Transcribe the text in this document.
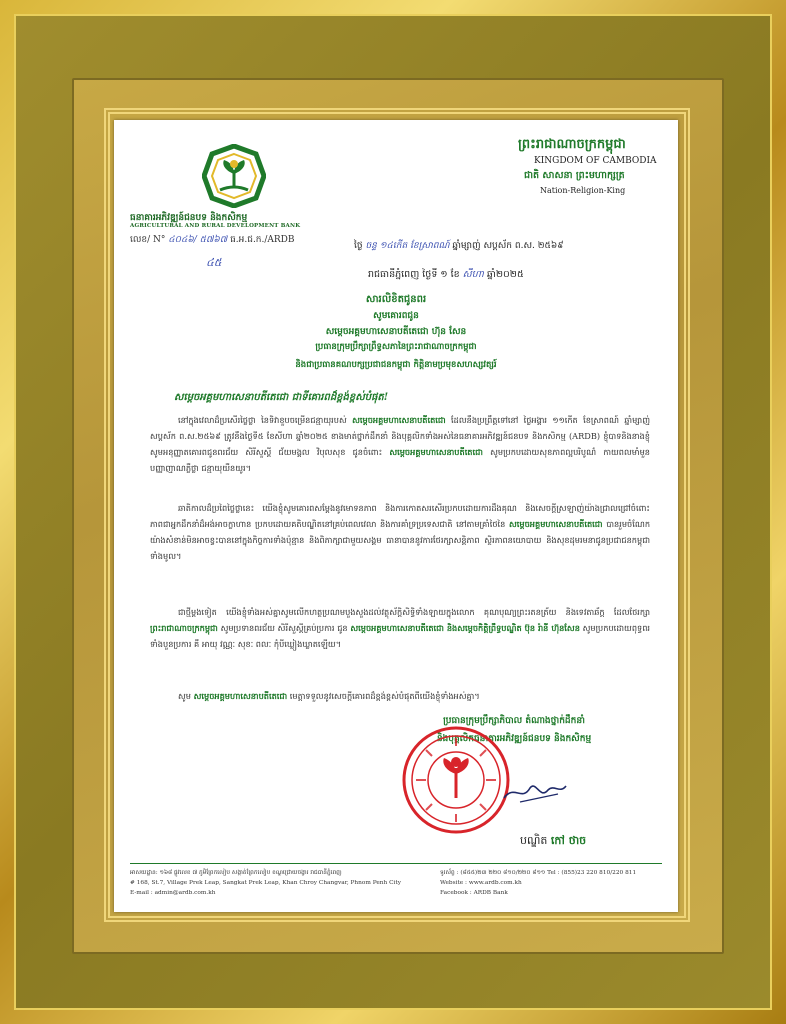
ធនាគារអភិវឌ្ឍន៍ជនបទ និងកសិកម្ម
AGRICULTURAL AND RURAL DEVELOPMENT BANK
លេខ/ N° ៤០៤៦/ ៥៧៦៧ ធ.អ.ជ.ក./ARDB
ព្រះរាជាណាចក្រកម្ពុជា
KINGDOM OF CAMBODIA
ជាតិ សាសនា ព្រះមហាក្សត្រ
Nation-Religion-King
៤៥
ថ្ងៃ ចន្ទ ១៤កើត ខែស្រាពណ៍ ឆ្នាំម្សាញ់ សប្តស័ក ព.ស. ២៥៦៩
រាជធានីភ្នំពេញ ថ្ងៃទី ១ ខែ សីហា ឆ្នាំ២០២៥
សារលិខិតជូនពរ
សូមគោរពជូន
សម្តេចអគ្គមហាសេនាបតីតេជោ ហ៊ុន សែន
ប្រធានក្រុមប្រឹក្សាព្រឹទ្ធសភានៃព្រះរាជាណាចក្រកម្ពុជា
និងជាប្រធានគណបក្សប្រជាជនកម្ពុជា កិត្តិនាមប្រមុខសហស្សវត្សរ៍
សម្តេចអគ្គមហាសេនាបតីតេជោ ជាទីគោរពដ៏ខ្ពង់ខ្ពស់បំផុត!
នៅក្នុងវេលាដ៏ប្រសើរថ្លៃថ្លា នៃទិវាខួបចម្រើនជន្មាយុរបស់ សម្តេចអគ្គមហាសេនាបតីតេជោ ដែលនឹងប្រព្រឹត្តទៅនៅ ថ្ងៃអង្គារ ១១កើត ខែស្រាពណ៍ ឆ្នាំម្សាញ់ សប្តស័ក ព.ស.២៥៦៩ ត្រូវនឹងថ្ងៃទី៥ ខែសីហា ឆ្នាំ២០២៥ ខាងមាត់ថ្នាក់ដឹកនាំ និងបុគ្គលិកទាំងអស់នៃធនាគារអភិវឌ្ឍន៍ជនបទ និងកសិកម្ម (ARDB) ខ្ញុំបាទនិងនាងខ្ញុំ សូមអនុញ្ញាតគោរពជូនពរជ័យ សិរីសួស្តី ជ័យមង្គល វិបុលសុខ ជូនចំពោះ សម្តេចអគ្គមហាសេនាបតីតេជោ សូមប្រកបដោយសុខភាពល្អបរិបូណ៌ កាយពលមាំមួន បញ្ញាញាណភ្លឺថ្លា ជន្មាយុយឺនយូរ។
ឆាតិកាលដ៏ប្រពៃថ្លៃថ្លានេះ យើងខ្ញុំសូមគោរពសម្តែងនូវមោទនភាព និងការកោតសរសើរប្រកបដោយការដឹងគុណ និងសេចក្តីស្រឡាញ់យ៉ាងជ្រាលជ្រៅចំពោះភាពជាអ្នកដឹកនាំដ៏អង់អាចក្លាហាន ប្រកបដោយគតិបណ្ឌិតនៅគ្រប់ពេលវេលា និងការគាំទ្រប្រទេសជាតិ នៅតាមគ្រាំថៃនៃ សម្តេចអគ្គមហាសេនាបតីតេជោ បានរួមចំណែកយ៉ាងសំខាន់មិនអាចខ្វះបាននៅក្នុងកិច្ចការទាំងប៉ុន្មាន និងពិភាក្សាជាមួយសង្គម ធានាបាននូវការថែរក្សាសន្តិភាព ស្ថិរភាពនយោបាយ និងសុខដុមរមនាជូនប្រជាជនកម្ពុជាទាំងមូល។
ជាថ្មីម្តងទៀត យើងខ្ញុំទាំងអស់គ្នាសូមលើកហត្ថប្រណមបួងសួងដល់វត្ថុស័ក្តិសិទ្ធិទាំងឡាយក្នុងលោក គុណបុណ្យព្រះរតនត្រ័យ និងទេវតាឆ័ក្ត ដែលថែរក្សា ព្រះរាជាណាចក្រកម្ពុជា សូមប្រទានពរជ័យ សិរីសួស្តីគ្រប់ប្រការ ជូន សម្តេចអគ្គមហាសេនាបតីតេជោ និងសម្តេចកិត្តិព្រឹទ្ធបណ្ឌិត ប៊ុន រ៉ានី ហ៊ុនសែន សូមប្រកបដោយពុទ្ធពរ ទាំងបួនប្រការ គឺ អាយុ វណ្ណៈ សុខៈ ពលៈ កុំបីឃ្លៀងឃ្លាតឡើយ។
សូម សម្តេចអគ្គមហាសេនាបតីតេជោ មេត្តាទទួលនូវសេចក្តីគោរពដ៏ខ្ពង់ខ្ពស់បំផុតពីយើងខ្ញុំទាំងអស់គ្នា។
ប្រធានក្រុមប្រឹក្សាភិបាល តំណាងថ្នាក់ដឹកនាំ
និងបុគ្គលិកធនាគារអភិវឌ្ឍន៍ជនបទ និងកសិកម្ម
បណ្ឌិត កៅ ថាច
អាសយដ្ឋាន: ១៦៨ ផ្លូវលេខ ៧ ភូមិព្រែកលៀប សង្កាត់ព្រែកលៀប ខណ្ឌជ្រោយចង្វារ រាជធានីភ្នំពេញ
# 168, St.7, Village Prek Leap, Sangkat Prek Leap, Khan Chroy Changvar, Phnom Penh City
E-mail : admin@ardb.com.kh
ទូរស័ព្ទ : (៨៥៥)២៣ ២២០ ៨១០/២២០ ៨១១ Tel : (855)23 220 810/220 811
Website : www.ardb.com.kh
Facebook : ARDB Bank
